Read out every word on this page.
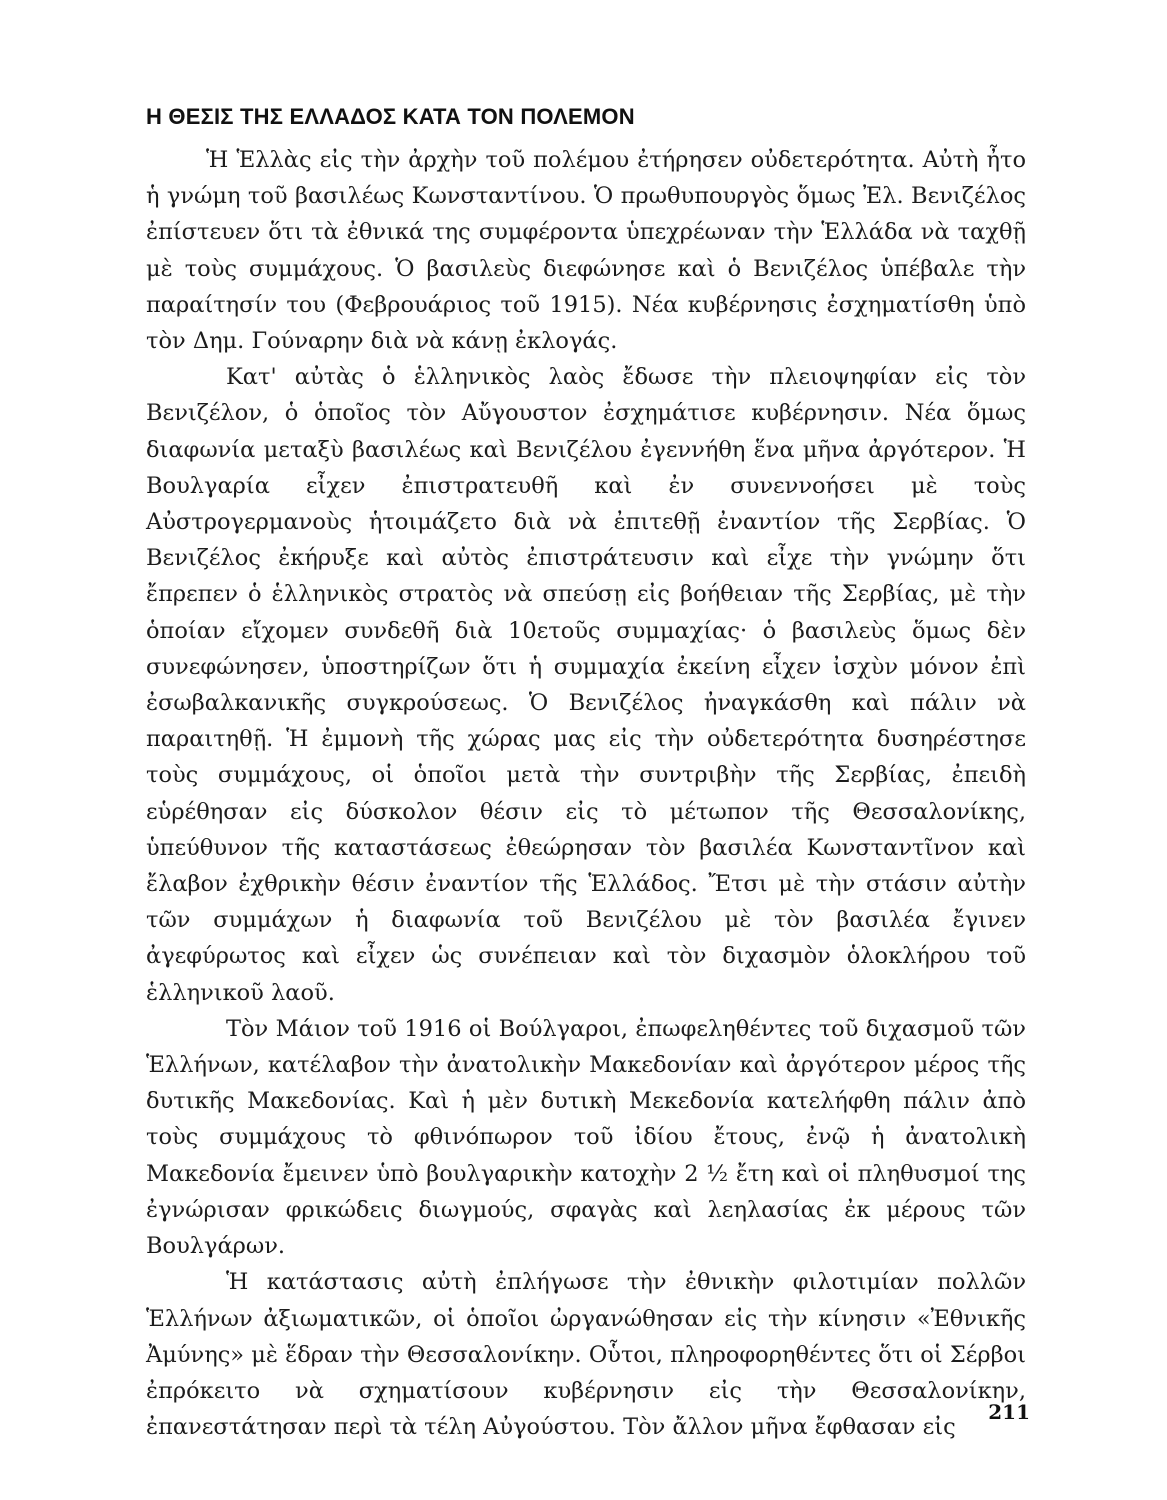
Η ΘΕΣΙΣ ΤΗΣ ΕΛΛΑΔΟΣ ΚΑΤΑ ΤΟΝ ΠΟΛΕΜΟΝ

Ἡ Ἑλλὰς εἰς τὴν ἀρχὴν τοῦ πολέμου ἐτήρησεν οὐδετερότητα. Αὐτὴ ἦτο ἡ γνώμη τοῦ βασιλέως Κωνσταντίνου. Ὁ πρωθυπουργὸς ὅμως Ἐλ. Βενιζέλος ἐπίστευεν ὅτι τὰ ἐθνικά της συμφέροντα ὑπεχρέωναν τὴν Ἑλλάδα νὰ ταχθῇ μὲ τοὺς συμμάχους. Ὁ βασιλεὺς διεφώνησε καὶ ὁ Βενιζέλος ὑπέβαλε τὴν παραίτησίν του (Φεβρουάριος τοῦ 1915). Νέα κυβέρνησις ἐσχηματίσθη ὑπὸ τὸν Δημ. Γούναρην διὰ νὰ κάνῃ ἐκλογάς.

Κατ' αὐτὰς ὁ ἑλληνικὸς λαὸς ἔδωσε τὴν πλειοψηφίαν εἰς τὸν Βενιζέλον, ὁ ὁποῖος τὸν Αὔγουστον ἐσχημάτισε κυβέρνησιν. Νέα ὅμως διαφωνία μεταξὺ βασιλέως καὶ Βενιζέλου ἐγεννήθη ἕνα μῆνα ἀργότερον. Ἡ Βουλγαρία εἶχεν ἐπιστρατευθῆ καὶ ἐν συνεννοήσει μὲ τοὺς Αὐστρογερμανοὺς ἡτοιμάζετο διὰ νὰ ἐπιτεθῇ ἐναντίον τῆς Σερβίας. Ὁ Βενιζέλος ἐκήρυξε καὶ αὐτὸς ἐπιστράτευσιν καὶ εἶχε τὴν γνώμην ὅτι ἔπρεπεν ὁ ἑλληνικὸς στρατὸς νὰ σπεύσῃ εἰς βοήθειαν τῆς Σερβίας, μὲ τὴν ὁποίαν εἴχομεν συνδεθῆ διὰ 10ετοῦς συμμαχίας· ὁ βασιλεὺς ὅμως δὲν συνεφώνησεν, ὑποστηρίζων ὅτι ἡ συμμαχία ἐκείνη εἶχεν ἰσχὺν μόνον ἐπὶ ἐσωβαλκανικῆς συγκρούσεως. Ὁ Βενιζέλος ἠναγκάσθη καὶ πάλιν νὰ παραιτηθῇ. Ἡ ἐμμονὴ τῆς χώρας μας εἰς τὴν οὐδετερότητα δυσηρέστησε τοὺς συμμάχους, οἱ ὁποῖοι μετὰ τὴν συντριβὴν τῆς Σερβίας, ἐπειδὴ εὑρέθησαν εἰς δύσκολον θέσιν εἰς τὸ μέτωπον τῆς Θεσσαλονίκης, ὑπεύθυνον τῆς καταστάσεως ἐθεώρησαν τὸν βασιλέα Κωνσταντῖνον καὶ ἔλαβον ἐχθρικὴν θέσιν ἐναντίον τῆς Ἑλλάδος. Ἔτσι μὲ τὴν στάσιν αὐτὴν τῶν συμμάχων ἡ διαφωνία τοῦ Βενιζέλου μὲ τὸν βασιλέα ἔγινεν ἀγεφύρωτος καὶ εἶχεν ὡς συνέπειαν καὶ τὸν διχασμὸν ὁλοκλήρου τοῦ ἑλληνικοῦ λαοῦ.

Τὸν Μάιον τοῦ 1916 οἱ Βούλγαροι, ἐπωφεληθέντες τοῦ διχασμοῦ τῶν Ἑλλήνων, κατέλαβον τὴν ἀνατολικὴν Μακεδονίαν καὶ ἀργότερον μέρος τῆς δυτικῆς Μακεδονίας. Καὶ ἡ μὲν δυτικὴ Μεκεδονία κατελήφθη πάλιν ἀπὸ τοὺς συμμάχους τὸ φθινόπωρον τοῦ ἰδίου ἔτους, ἐνῷ ἡ ἀνατολικὴ Μακεδονία ἔμεινεν ὑπὸ βουλγαρικὴν κατοχὴν 2 ½ ἔτη καὶ οἱ πληθυσμοί της ἐγνώρισαν φρικώδεις διωγμούς, σφαγὰς καὶ λεηλασίας ἐκ μέρους τῶν Βουλγάρων.

Ἡ κατάστασις αὐτὴ ἐπλήγωσε τὴν ἐθνικὴν φιλοτιμίαν πολλῶν Ἑλλήνων ἀξιωματικῶν, οἱ ὁποῖοι ὠργανώθησαν εἰς τὴν κίνησιν «Ἐθνικῆς Ἀμύνης» μὲ ἕδραν τὴν Θεσσαλονίκην. Οὗτοι, πληροφορηθέντες ὅτι οἱ Σέρβοι ἐπρόκειτο νὰ σχηματίσουν κυβέρνησιν εἰς τὴν Θεσσαλονίκην, ἐπανεστάτησαν περὶ τὰ τέλη Αὐγούστου. Τὸν ἄλλον μῆνα ἔφθασαν εἰς

211
